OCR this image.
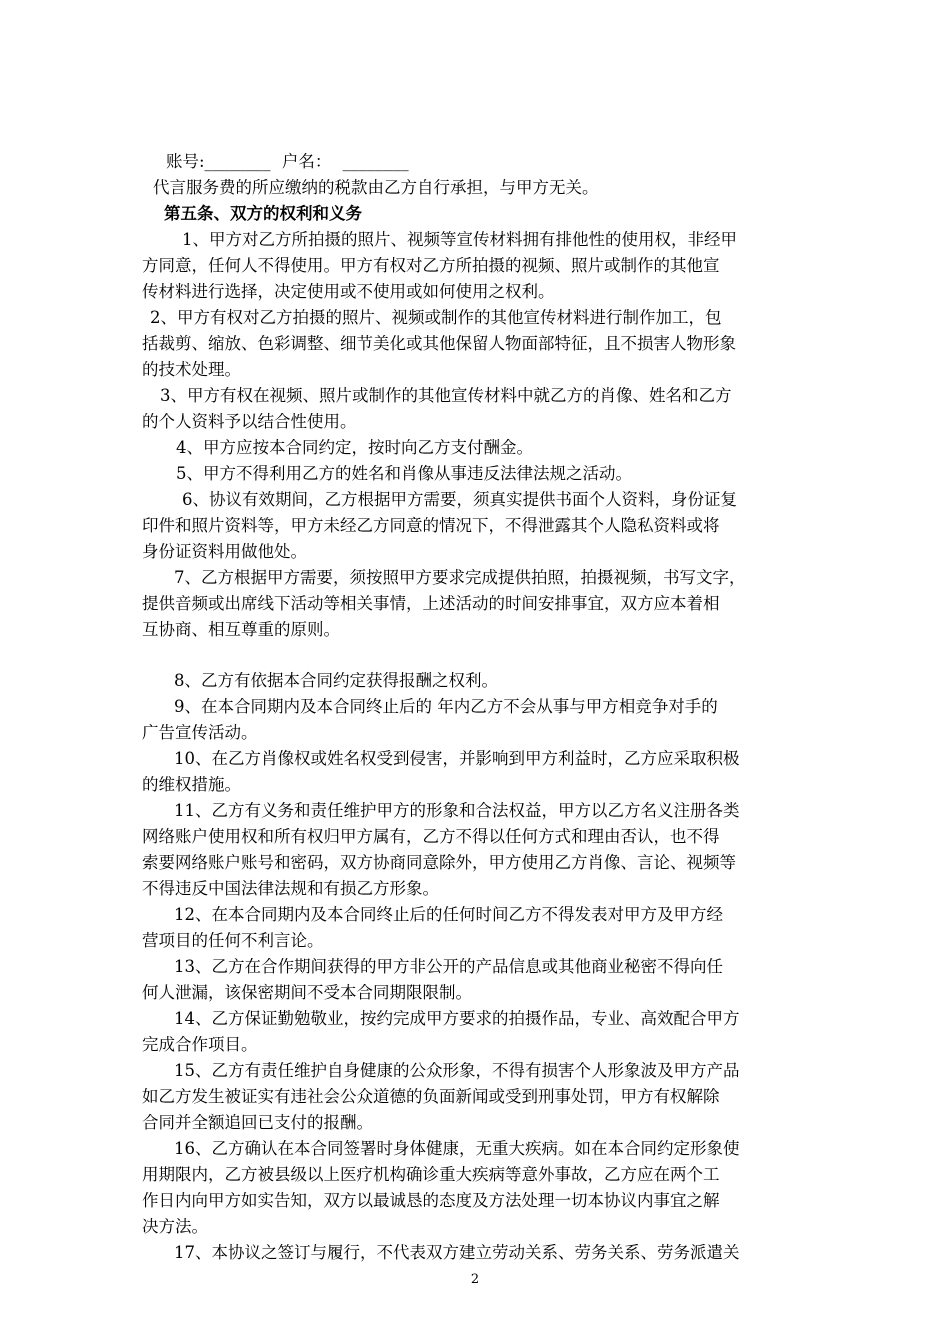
账号:________ 户名： ________
代言服务费的所应缴纳的税款由乙方自行承担，与甲方无关。
第五条、双方的权利和义务
1、甲方对乙方所拍摄的照片、视频等宣传材料拥有排他性的使用权，非经甲
方同意，任何人不得使用。甲方有权对乙方所拍摄的视频、照片或制作的其他宣
传材料进行选择，决定使用或不使用或如何使用之权利。
2、甲方有权对乙方拍摄的照片、视频或制作的其他宣传材料进行制作加工，包
括裁剪、缩放、色彩调整、细节美化或其他保留人物面部特征，且不损害人物形象
的技术处理。
3、甲方有权在视频、照片或制作的其他宣传材料中就乙方的肖像、姓名和乙方
的个人资料予以结合性使用。
4、甲方应按本合同约定，按时向乙方支付酬金。
5、甲方不得利用乙方的姓名和肖像从事违反法律法规之活动。
6、协议有效期间，乙方根据甲方需要，须真实提供书面个人资料，身份证复
印件和照片资料等，甲方未经乙方同意的情况下，不得泄露其个人隐私资料或将
身份证资料用做他处。
7、乙方根据甲方需要，须按照甲方要求完成提供拍照，拍摄视频，书写文字，
提供音频或出席线下活动等相关事情，上述活动的时间安排事宜，双方应本着相
互协商、相互尊重的原则。
8、乙方有依据本合同约定获得报酬之权利。
9、在本合同期内及本合同终止后的 年内乙方不会从事与甲方相竞争对手的
广告宣传活动。
10、在乙方肖像权或姓名权受到侵害，并影响到甲方利益时，乙方应采取积极
的维权措施。
11、乙方有义务和责任维护甲方的形象和合法权益，甲方以乙方名义注册各类
网络账户使用权和所有权归甲方属有，乙方不得以任何方式和理由否认，也不得
索要网络账户账号和密码，双方协商同意除外，甲方使用乙方肖像、言论、视频等
不得违反中国法律法规和有损乙方形象。
12、在本合同期内及本合同终止后的任何时间乙方不得发表对甲方及甲方经
营项目的任何不利言论。
13、乙方在合作期间获得的甲方非公开的产品信息或其他商业秘密不得向任
何人泄漏，该保密期间不受本合同期限限制。
14、乙方保证勤勉敬业，按约完成甲方要求的拍摄作品，专业、高效配合甲方
完成合作项目。
15、乙方有责任维护自身健康的公众形象，不得有损害个人形象波及甲方产品
如乙方发生被证实有违社会公众道德的负面新闻或受到刑事处罚，甲方有权解除
合同并全额追回已支付的报酬。
16、乙方确认在本合同签署时身体健康，无重大疾病。如在本合同约定形象使
用期限内，乙方被县级以上医疗机构确诊重大疾病等意外事故，乙方应在两个工
作日内向甲方如实告知，双方以最诚恳的态度及方法处理一切本协议内事宜之解
决方法。
17、本协议之签订与履行，不代表双方建立劳动关系、劳务关系、劳务派遣关
2
